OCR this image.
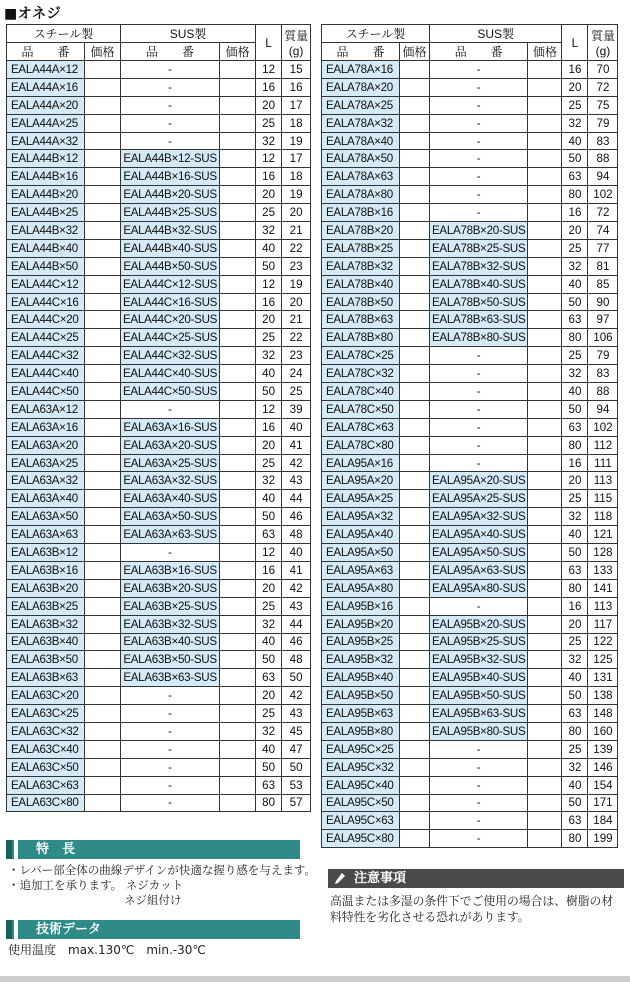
■オネジ
スチール製		SUS製		L	質量
(g)
品　　番	価格	品　　番	価格		
EALA44A×12		-		12	15
EALA44A×16		-		16	16
EALA44A×20		-		20	17
EALA44A×25		-		25	18
EALA44A×32		-		32	19
EALA44B×12		EALA44B×12-SUS		12	17
EALA44B×16		EALA44B×16-SUS		16	18
EALA44B×20		EALA44B×20-SUS		20	19
EALA44B×25		EALA44B×25-SUS		25	20
EALA44B×32		EALA44B×32-SUS		32	21
EALA44B×40		EALA44B×40-SUS		40	22
EALA44B×50		EALA44B×50-SUS		50	23
EALA44C×12		EALA44C×12-SUS		12	19
EALA44C×16		EALA44C×16-SUS		16	20
EALA44C×20		EALA44C×20-SUS		20	21
EALA44C×25		EALA44C×25-SUS		25	22
EALA44C×32		EALA44C×32-SUS		32	23
EALA44C×40		EALA44C×40-SUS		40	24
EALA44C×50		EALA44C×50-SUS		50	25
EALA63A×12		-		12	39
EALA63A×16		EALA63A×16-SUS		16	40
EALA63A×20		EALA63A×20-SUS		20	41
EALA63A×25		EALA63A×25-SUS		25	42
EALA63A×32		EALA63A×32-SUS		32	43
EALA63A×40		EALA63A×40-SUS		40	44
EALA63A×50		EALA63A×50-SUS		50	46
EALA63A×63		EALA63A×63-SUS		63	48
EALA63B×12		-		12	40
EALA63B×16		EALA63B×16-SUS		16	41
EALA63B×20		EALA63B×20-SUS		20	42
EALA63B×25		EALA63B×25-SUS		25	43
EALA63B×32		EALA63B×32-SUS		32	44
EALA63B×40		EALA63B×40-SUS		40	46
EALA63B×50		EALA63B×50-SUS		50	48
EALA63B×63		EALA63B×63-SUS		63	50
EALA63C×20		-		20	42
EALA63C×25		-		25	43
EALA63C×32		-		32	45
EALA63C×40		-		40	47
EALA63C×50		-		50	50
EALA63C×63		-		63	53
EALA63C×80		-		80	57
スチール製		SUS製		L	質量
(g)
品　　番	価格	品　　番	価格		
EALA78A×16		-		16	70
EALA78A×20		-		20	72
EALA78A×25		-		25	75
EALA78A×32		-		32	79
EALA78A×40		-		40	83
EALA78A×50		-		50	88
EALA78A×63		-		63	94
EALA78A×80		-		80	102
EALA78B×16		-		16	72
EALA78B×20		EALA78B×20-SUS		20	74
EALA78B×25		EALA78B×25-SUS		25	77
EALA78B×32		EALA78B×32-SUS		32	81
EALA78B×40		EALA78B×40-SUS		40	85
EALA78B×50		EALA78B×50-SUS		50	90
EALA78B×63		EALA78B×63-SUS		63	97
EALA78B×80		EALA78B×80-SUS		80	106
EALA78C×25		-		25	79
EALA78C×32		-		32	83
EALA78C×40		-		40	88
EALA78C×50		-		50	94
EALA78C×63		-		63	102
EALA78C×80		-		80	112
EALA95A×16		-		16	111
EALA95A×20		EALA95A×20-SUS		20	113
EALA95A×25		EALA95A×25-SUS		25	115
EALA95A×32		EALA95A×32-SUS		32	118
EALA95A×40		EALA95A×40-SUS		40	121
EALA95A×50		EALA95A×50-SUS		50	128
EALA95A×63		EALA95A×63-SUS		63	133
EALA95A×80		EALA95A×80-SUS		80	141
EALA95B×16		-		16	113
EALA95B×20		EALA95B×20-SUS		20	117
EALA95B×25		EALA95B×25-SUS		25	122
EALA95B×32		EALA95B×32-SUS		32	125
EALA95B×40		EALA95B×40-SUS		40	131
EALA95B×50		EALA95B×50-SUS		50	138
EALA95B×63		EALA95B×63-SUS		63	148
EALA95B×80		EALA95B×80-SUS		80	160
EALA95C×25		-		25	139
EALA95C×32		-		32	146
EALA95C×40		-		40	154
EALA95C×50		-		50	171
EALA95C×63		-		63	184
EALA95C×80		-		80	199
特　長
・レバー部全体の曲線デザインが快適な握り感を与えます。
・追加工を承ります。 ネジカット
ネジ組付け
技術データ
使用温度　max.130℃　min.-30℃
注意事項
高温または多湿の条件下でご使用の場合は、樹脂の材
料特性を劣化させる恐れがあります。
